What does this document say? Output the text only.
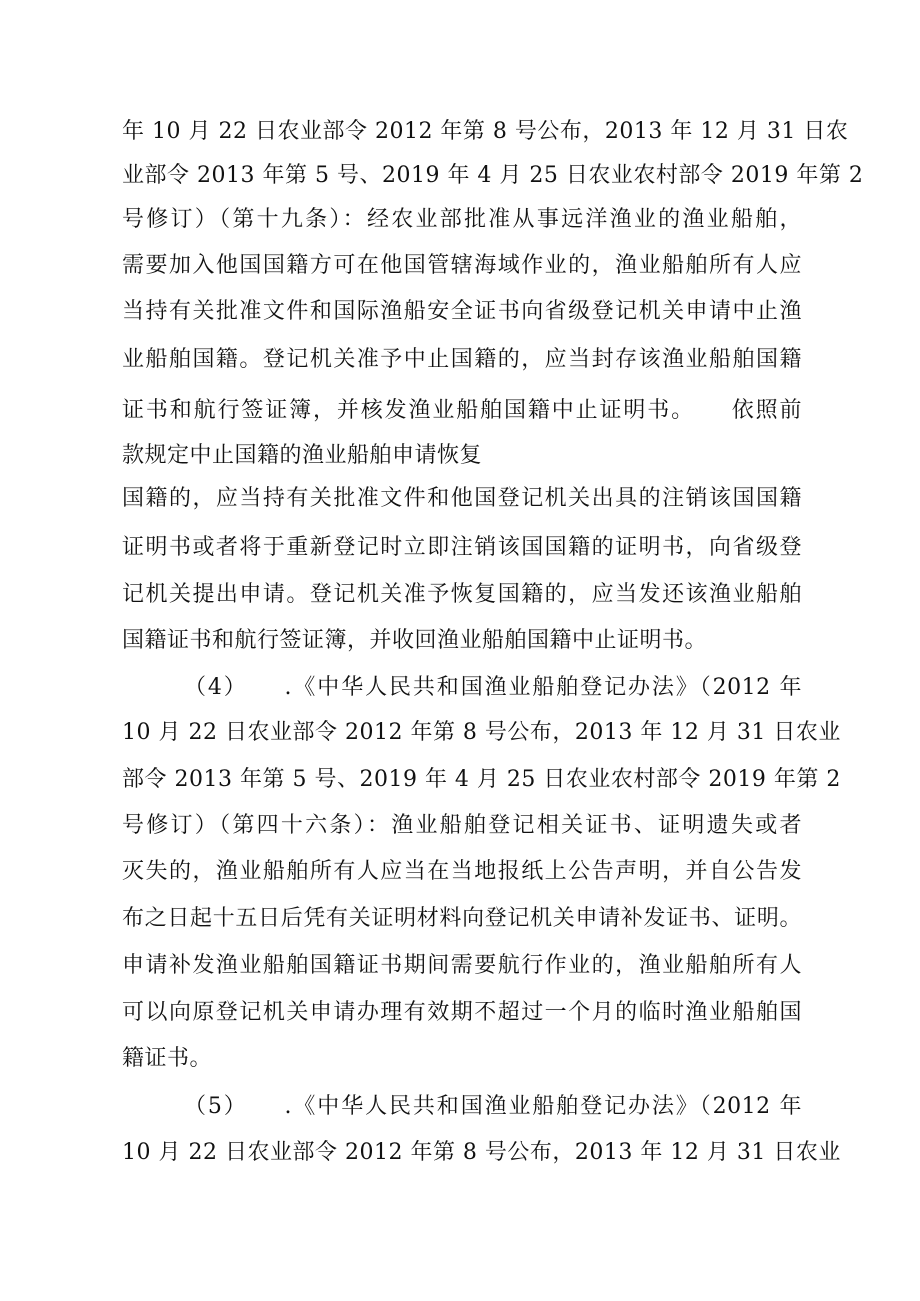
年 10 月 22 日农业部令 2012 年第 8 号公布，2013 年 12 月 31 日农
业部令 2013 年第 5 号、2019 年 4 月 25 日农业农村部令 2019 年第 2
号修订）（第十九条）：经农业部批准从事远洋渔业的渔业船舶，
需要加入他国国籍方可在他国管辖海域作业的，渔业船舶所有人应
当持有关批准文件和国际渔船安全证书向省级登记机关申请中止渔
业船舶国籍。登记机关准予中止国籍的，应当封存该渔业船舶国籍
证书和航行签证簿，并核发渔业船舶国籍中止证明书。　　依照前
款规定中止国籍的渔业船舶申请恢复
国籍的，应当持有关批准文件和他国登记机关出具的注销该国国籍
证明书或者将于重新登记时立即注销该国国籍的证明书，向省级登
记机关提出申请。登记机关准予恢复国籍的，应当发还该渔业船舶
国籍证书和航行签证簿，并收回渔业船舶国籍中止证明书。
（4）　　.《中华人民共和国渔业船舶登记办法》（2012 年
10 月 22 日农业部令 2012 年第 8 号公布，2013 年 12 月 31 日农业
部令 2013 年第 5 号、2019 年 4 月 25 日农业农村部令 2019 年第 2
号修订）（第四十六条）：渔业船舶登记相关证书、证明遗失或者
灭失的，渔业船舶所有人应当在当地报纸上公告声明，并自公告发
布之日起十五日后凭有关证明材料向登记机关申请补发证书、证明。
申请补发渔业船舶国籍证书期间需要航行作业的，渔业船舶所有人
可以向原登记机关申请办理有效期不超过一个月的临时渔业船舶国
籍证书。
（5）　　.《中华人民共和国渔业船舶登记办法》（2012 年
10 月 22 日农业部令 2012 年第 8 号公布，2013 年 12 月 31 日农业
